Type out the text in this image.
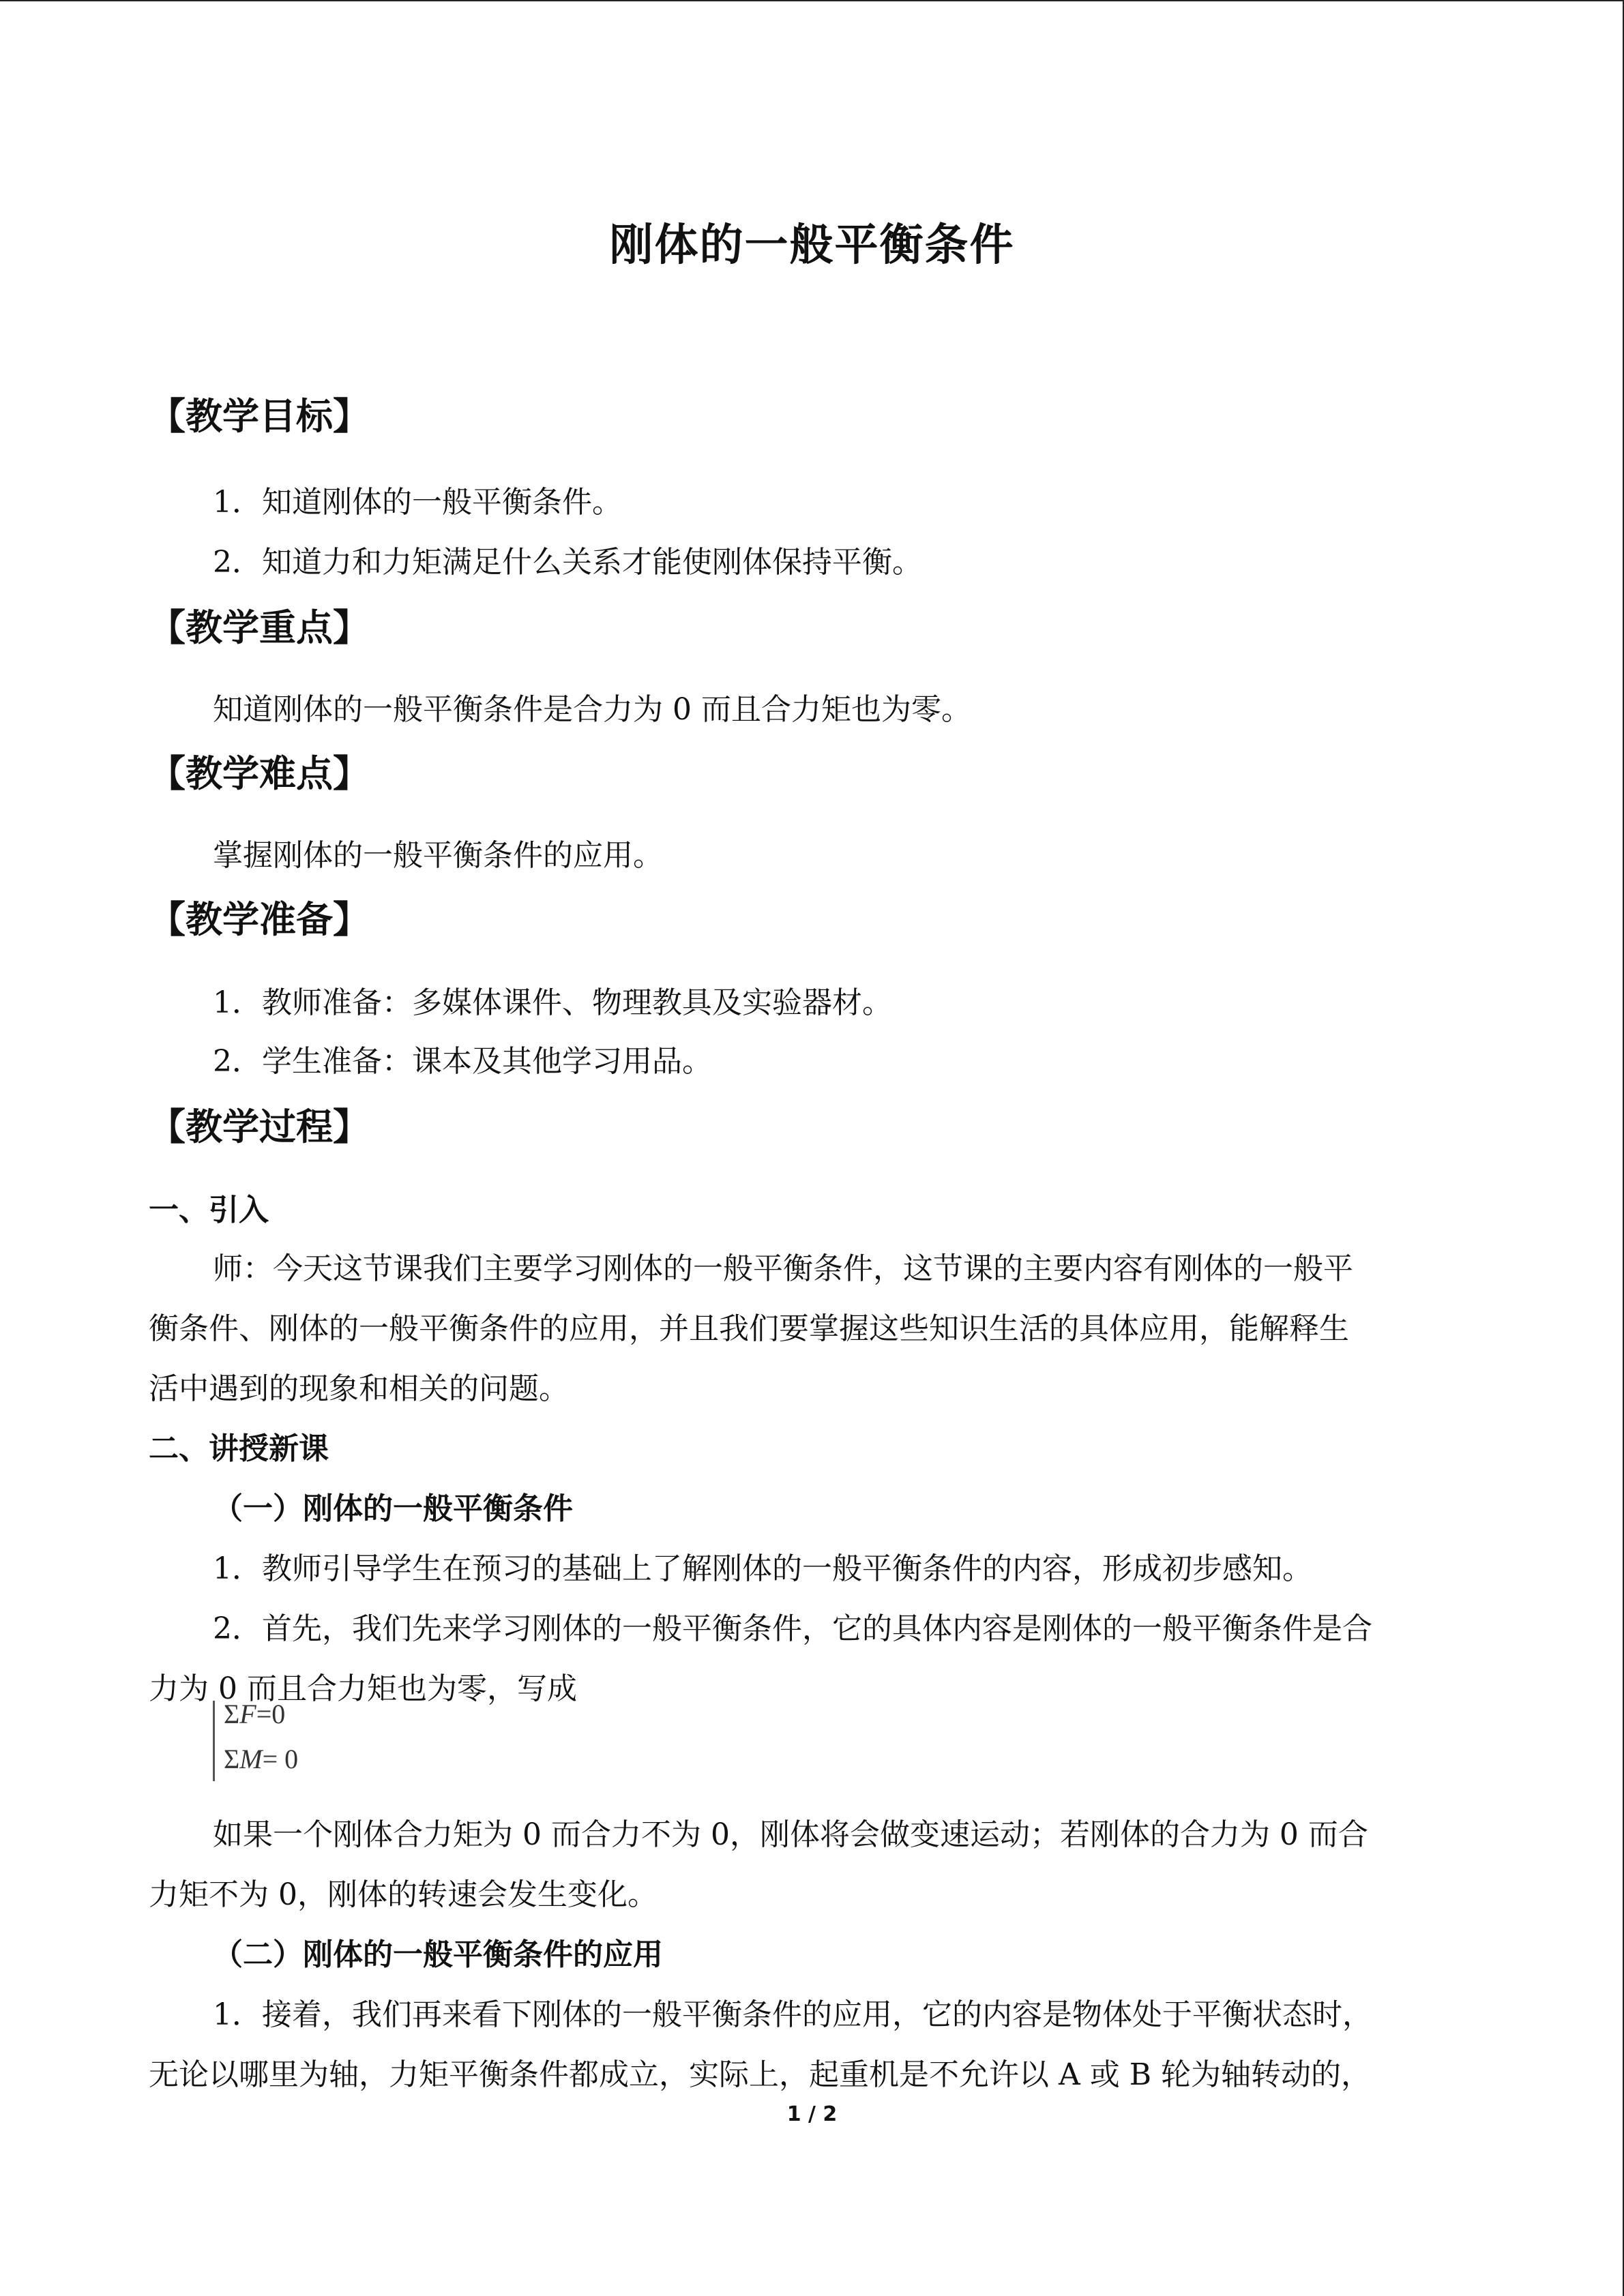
刚体的一般平衡条件
【教学目标】
1．知道刚体的一般平衡条件。
2．知道力和力矩满足什么关系才能使刚体保持平衡。
【教学重点】
知道刚体的一般平衡条件是合力为 0 而且合力矩也为零。
【教学难点】
掌握刚体的一般平衡条件的应用。
【教学准备】
1．教师准备：多媒体课件、物理教具及实验器材。
2．学生准备：课本及其他学习用品。
【教学过程】
一、引入
师：今天这节课我们主要学习刚体的一般平衡条件，这节课的主要内容有刚体的一般平
衡条件、刚体的一般平衡条件的应用，并且我们要掌握这些知识生活的具体应用，能解释生
活中遇到的现象和相关的问题。
二、讲授新课
（一）刚体的一般平衡条件
1．教师引导学生在预习的基础上了解刚体的一般平衡条件的内容，形成初步感知。
2．首先，我们先来学习刚体的一般平衡条件，它的具体内容是刚体的一般平衡条件是合
力为 0 而且合力矩也为零，写成
ΣF=0
ΣM= 0
如果一个刚体合力矩为 0 而合力不为 0，刚体将会做变速运动；若刚体的合力为 0 而合
力矩不为 0，刚体的转速会发生变化。
（二）刚体的一般平衡条件的应用
1．接着，我们再来看下刚体的一般平衡条件的应用，它的内容是物体处于平衡状态时，
无论以哪里为轴，力矩平衡条件都成立，实际上，起重机是不允许以 A 或 B 轮为轴转动的，
1 / 2
